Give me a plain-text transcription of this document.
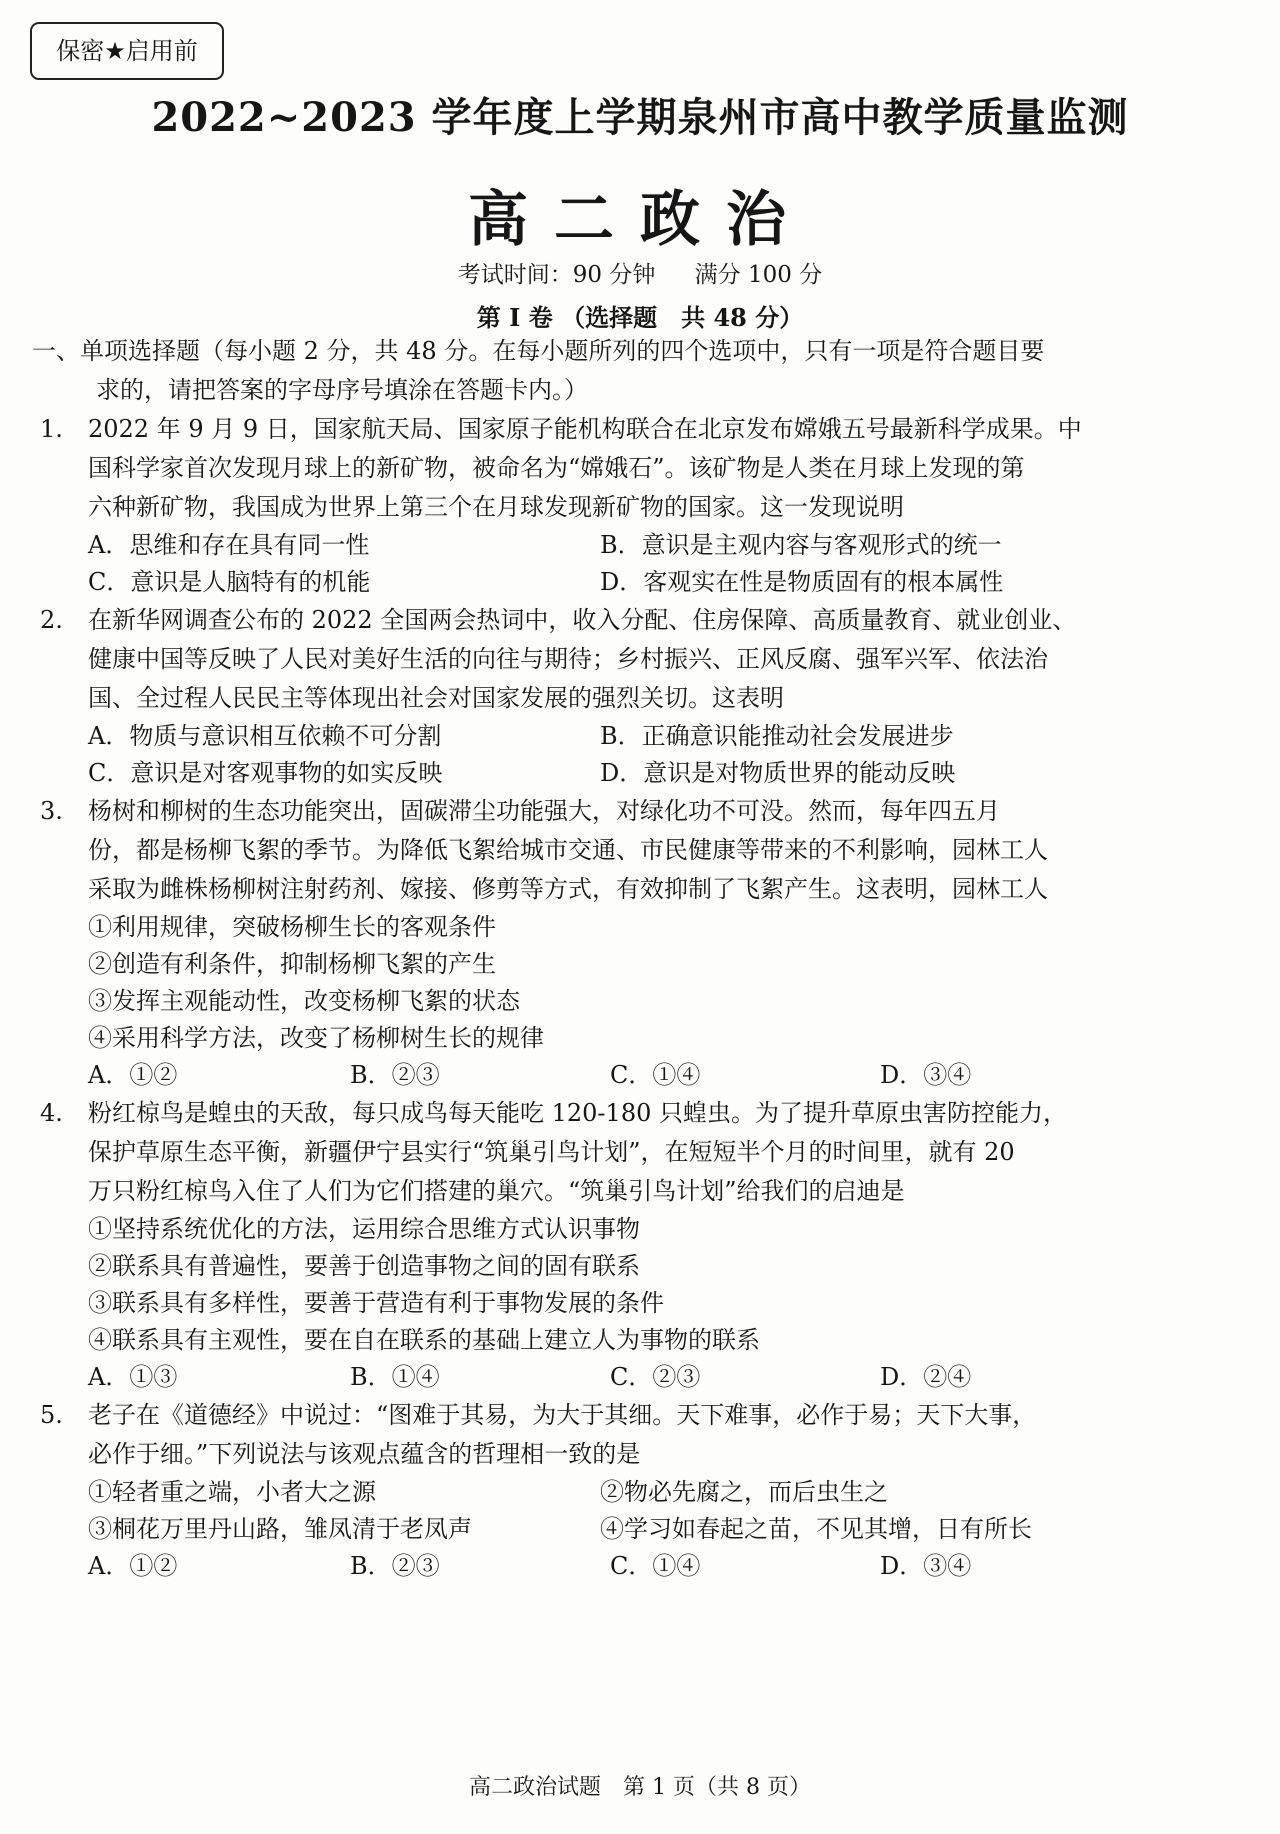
保密★启用前
2022~2023 学年度上学期泉州市高中教学质量监测
高二政治
考试时间：90 分钟 满分 100 分
第 I 卷 （选择题　共 48 分）
一、单项选择题（每小题 2 分，共 48 分。在每小题所列的四个选项中，只有一项是符合题目要
求的，请把答案的字母序号填涂在答题卡内。）
1. 2022 年 9 月 9 日，国家航天局、国家原子能机构联合在北京发布嫦娥五号最新科学成果。中
国科学家首次发现月球上的新矿物，被命名为“嫦娥石”。该矿物是人类在月球上发现的第
六种新矿物，我国成为世界上第三个在月球发现新矿物的国家。这一发现说明
A．思维和存在具有同一性	B．意识是主观内容与客观形式的统一
C．意识是人脑特有的机能	D．客观实在性是物质固有的根本属性
2. 在新华网调查公布的 2022 全国两会热词中，收入分配、住房保障、高质量教育、就业创业、
健康中国等反映了人民对美好生活的向往与期待；乡村振兴、正风反腐、强军兴军、依法治
国、全过程人民民主等体现出社会对国家发展的强烈关切。这表明
A．物质与意识相互依赖不可分割	B．正确意识能推动社会发展进步
C．意识是对客观事物的如实反映	D．意识是对物质世界的能动反映
3. 杨树和柳树的生态功能突出，固碳滞尘功能强大，对绿化功不可没。然而，每年四五月
份，都是杨柳飞絮的季节。为降低飞絮给城市交通、市民健康等带来的不利影响，园林工人
采取为雌株杨柳树注射药剂、嫁接、修剪等方式，有效抑制了飞絮产生。这表明，园林工人
①利用规律，突破杨柳生长的客观条件
②创造有利条件，抑制杨柳飞絮的产生
③发挥主观能动性，改变杨柳飞絮的状态
④采用科学方法，改变了杨柳树生长的规律
A．①②	B．②③	C．①④	D．③④
4. 粉红椋鸟是蝗虫的天敌，每只成鸟每天能吃 120-180 只蝗虫。为了提升草原虫害防控能力，
保护草原生态平衡，新疆伊宁县实行“筑巢引鸟计划”，在短短半个月的时间里，就有 20
万只粉红椋鸟入住了人们为它们搭建的巢穴。“筑巢引鸟计划”给我们的启迪是
①坚持系统优化的方法，运用综合思维方式认识事物
②联系具有普遍性，要善于创造事物之间的固有联系
③联系具有多样性，要善于营造有利于事物发展的条件
④联系具有主观性，要在自在联系的基础上建立人为事物的联系
A．①③	B．①④	C．②③	D．②④
5. 老子在《道德经》中说过：“图难于其易，为大于其细。天下难事，必作于易；天下大事，
必作于细。”下列说法与该观点蕴含的哲理相一致的是
①轻者重之端，小者大之源	②物必先腐之，而后虫生之
③桐花万里丹山路，雏凤清于老凤声	④学习如春起之苗，不见其增，日有所长
A．①②	B．②③	C．①④	D．③④
高二政治试题　第 1 页（共 8 页）
